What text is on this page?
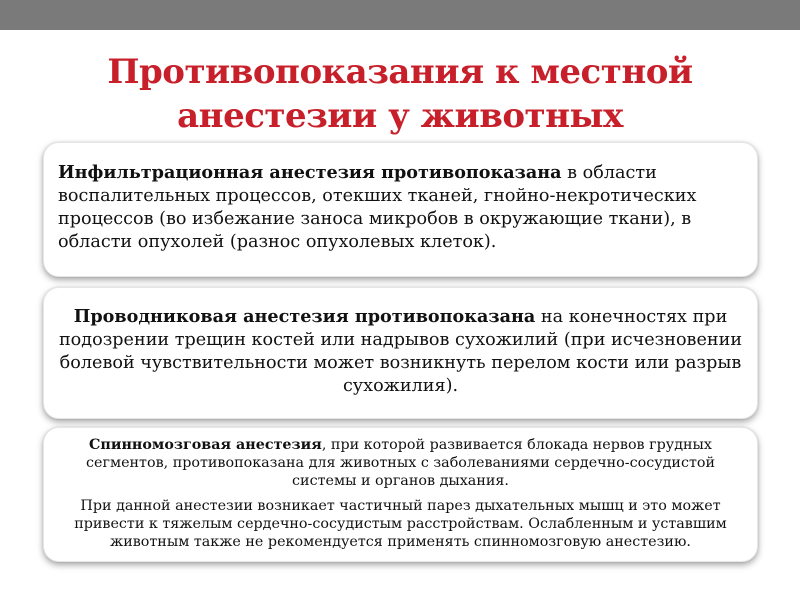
Противопоказания к местной
анестезии у животных
Инфильтрационная анестезия противопоказана в области воспалительных процессов, отекших тканей, гнойно-некротических процессов (во избежание заноса микробов в окружающие ткани), в области опухолей (разнос опухолевых клеток).
Проводниковая анестезия противопоказана на конечностях при подозрении трещин костей или надрывов сухожилий (при исчезновении болевой чувствительности может возникнуть перелом кости или разрыв сухожилия).

Спинномозговая анестезия, при которой развивается блокада нервов грудных сегментов, противопоказана для животных с заболеваниями сердечно-сосудистой системы и органов дыхания.

При данной анестезии возникает частичный парез дыхательных мышц и это может привести к тяжелым сердечно-сосудистым расстройствам. Ослабленным и уставшим животным также не рекомендуется применять спинномозговую анестезию.
